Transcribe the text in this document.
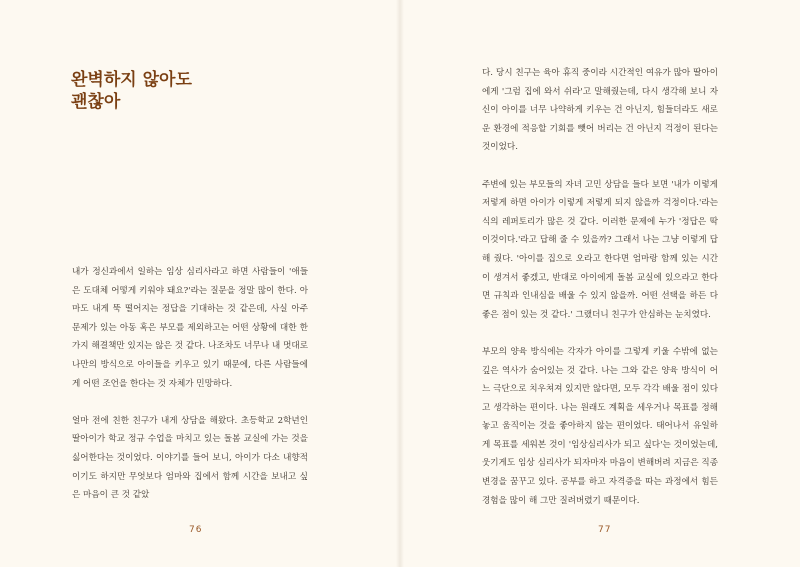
완벽하지 않아도
괜찮아

내가 정신과에서 일하는 임상 심리사라고 하면 사람들이 '애들은 도대체 어떻게 키워야 돼요?'라는 질문을 정말 많이 한다. 아마도 내게 뚝 떨어지는 정답을 기대하는 것 같은데, 사실 아주 문제가 있는 아동 혹은 부모를 제외하고는 어떤 상황에 대한 한 가지 해결책만 있지는 않은 것 같다. 나조차도 너무나 내 멋대로 나만의 방식으로 아이들을 키우고 있기 때문에, 다른 사람들에게 어떤 조언을 한다는 것 자체가 민망하다.

얼마 전에 친한 친구가 내게 상담을 해왔다. 초등학교 2학년인 딸아이가 학교 정규 수업을 마치고 있는 돌봄 교실에 가는 것을 싫어한다는 것이었다. 이야기를 들어 보니, 아이가 다소 내향적이기도 하지만 무엇보다 엄마와 집에서 함께 시간을 보내고 싶은 마음이 큰 것 같았

76

다. 당시 친구는 육아 휴직 중이라 시간적인 여유가 많아 딸아이에게 '그럼 집에 와서 쉬라'고 말해줬는데, 다시 생각해 보니 자신이 아이를 너무 나약하게 키우는 건 아닌지, 힘들더라도 새로운 환경에 적응할 기회를 뺏어 버리는 건 아닌지 걱정이 된다는 것이었다.

주변에 있는 부모들의 자녀 고민 상담을 들다 보면 '내가 이렇게 저렇게 하면 아이가 이렇게 저렇게 되지 않을까 걱정이다.'라는 식의 레퍼토리가 많은 것 같다. 이러한 문제에 누가 '정답은 딱 이것이다.'라고 답해 줄 수 있을까? 그래서 나는 그냥 이렇게 답해 줬다. '아이를 집으로 오라고 한다면 엄마랑 함께 있는 시간이 생겨서 좋겠고, 반대로 아이에게 돌봄 교실에 있으라고 한다면 규칙과 인내심을 배울 수 있지 않을까. 어떤 선택을 하든 다 좋은 점이 있는 것 같다.' 그랬더니 친구가 안심하는 눈치였다.

부모의 양육 방식에는 각자가 아이를 그렇게 키울 수밖에 없는 깊은 역사가 숨어있는 것 같다. 나는 그와 같은 양육 방식이 어느 극단으로 치우쳐져 있지만 않다면, 모두 각각 배울 점이 있다고 생각하는 편이다. 나는 원래도 계획을 세우거나 목표를 정해놓고 움직이는 것을 좋아하지 않는 편이었다. 태어나서 유일하게 목표를 세워본 것이 '임상심리사가 되고 싶다'는 것이었는데, 웃기게도 임상 심리사가 되자마자 마음이 변해버려 지금은 직종 변경을 꿈꾸고 있다. 공부를 하고 자격증을 따는 과정에서 힘든 경험을 많이 해 그만 질려버렸기 때문이다.

77
